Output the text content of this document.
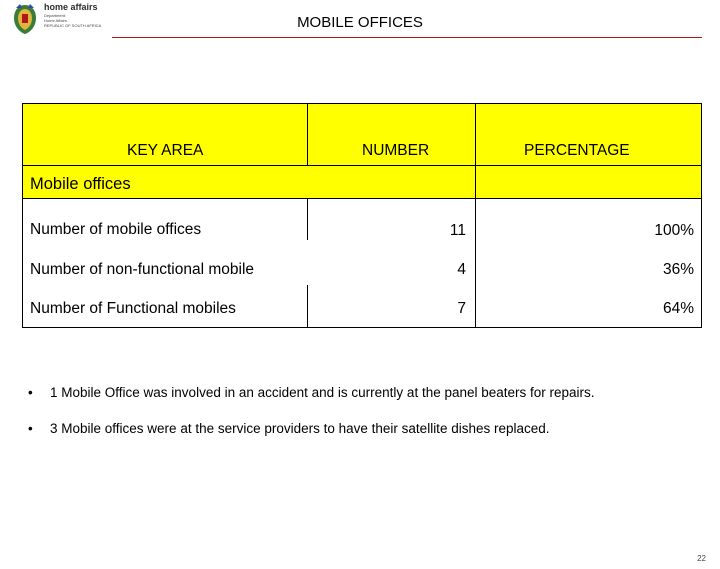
home affairs
Department:
Home Affairs
REPUBLIC OF SOUTH AFRICA	MOBILE OFFICES
KEY AREA	NUMBER	PERCENTAGE
Mobile offices
Number of mobile offices	11	100%
Number of non-functional mobile	4	36%
Number of Functional mobiles	7	64%
• 1 Mobile Office was involved in an accident and is currently at the panel beaters for repairs.
• 3 Mobile offices were at the service providers to have their satellite dishes replaced.
22
